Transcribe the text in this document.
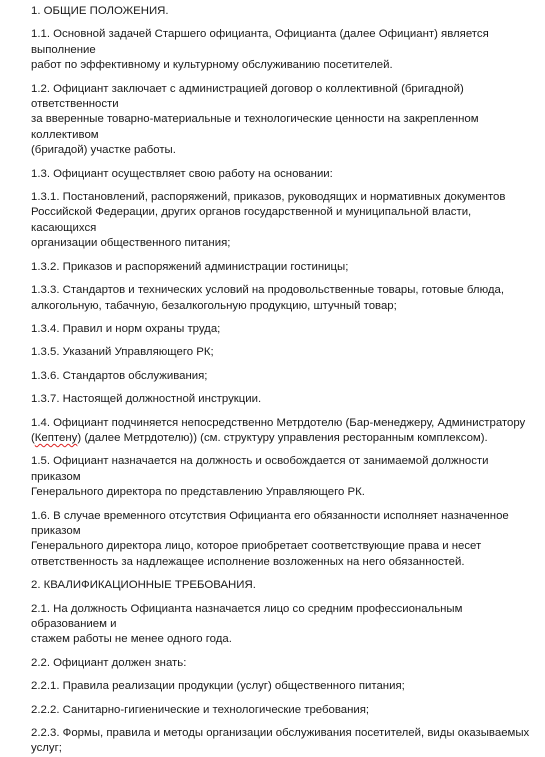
1. ОБЩИЕ ПОЛОЖЕНИЯ.
1.1. Основной задачей Старшего официанта, Официанта (далее Официант) является выполнение
работ по эффективному и культурному обслуживанию посетителей.
1.2. Официант заключает с администрацией договор о коллективной (бригадной) ответственности
за вверенные товарно-материальные и технологические ценности на закрепленном коллективом
(бригадой) участке работы.
1.3. Официант осуществляет свою работу на основании:
1.3.1. Постановлений, распоряжений, приказов, руководящих и нормативных документов
Российской Федерации, других органов государственной и муниципальной власти, касающихся
организации общественного питания;
1.3.2. Приказов и распоряжений администрации гостиницы;
1.3.3. Стандартов и технических условий на продовольственные товары, готовые блюда,
алкогольную, табачную, безалкогольную продукцию, штучный товар;
1.3.4. Правил и норм охраны труда;
1.3.5. Указаний Управляющего РК;
1.3.6. Стандартов обслуживания;
1.3.7. Настоящей должностной инструкции.
1.4. Официант подчиняется непосредственно Метрдотелю (Бар-менеджеру, Администратору
(Кептену) (далее Метрдотелю)) (см. структуру управления ресторанным комплексом).
1.5. Официант назначается на должность и освобождается от занимаемой должности приказом
Генерального директора по представлению Управляющего РК.
1.6. В случае временного отсутствия Официанта его обязанности исполняет назначенное приказом
Генерального директора лицо, которое приобретает соответствующие права и несет
ответственность за надлежащее исполнение возложенных на него обязанностей.
2. КВАЛИФИКАЦИОННЫЕ ТРЕБОВАНИЯ.
2.1. На должность Официанта назначается лицо со средним профессиональным образованием и
стажем работы не менее одного года.
2.2. Официант должен знать:
2.2.1. Правила реализации продукции (услуг) общественного питания;
2.2.2. Санитарно-гигиенические и технологические требования;
2.2.3. Формы, правила и методы организации обслуживания посетителей, виды оказываемых
услуг;
